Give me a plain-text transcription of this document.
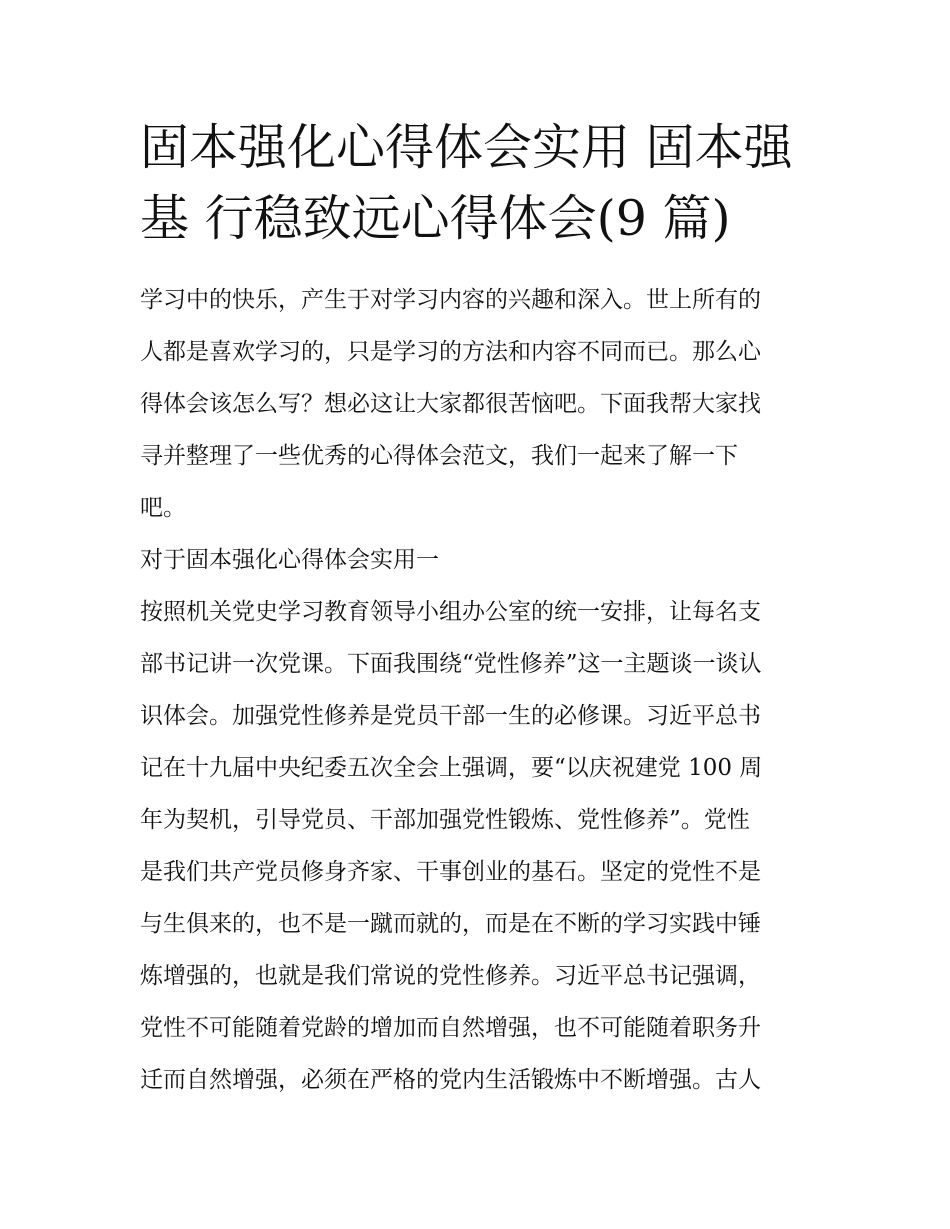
固本强化心得体会实用 固本强
基 行稳致远心得体会(9 篇)
学习中的快乐，产生于对学习内容的兴趣和深入。世上所有的
人都是喜欢学习的，只是学习的方法和内容不同而已。那么心
得体会该怎么写？想必这让大家都很苦恼吧。下面我帮大家找
寻并整理了一些优秀的心得体会范文，我们一起来了解一下
吧。
对于固本强化心得体会实用一
按照机关党史学习教育领导小组办公室的统一安排，让每名支
部书记讲一次党课。下面我围绕“党性修养”这一主题谈一谈认
识体会。加强党性修养是党员干部一生的必修课。习近平总书
记在十九届中央纪委五次全会上强调，要“以庆祝建党 100 周
年为契机，引导党员、干部加强党性锻炼、党性修养”。党性
是我们共产党员修身齐家、干事创业的基石。坚定的党性不是
与生俱来的，也不是一蹴而就的，而是在不断的学习实践中锤
炼增强的，也就是我们常说的党性修养。习近平总书记强调，
党性不可能随着党龄的增加而自然增强，也不可能随着职务升
迁而自然增强，必须在严格的党内生活锻炼中不断增强。古人
